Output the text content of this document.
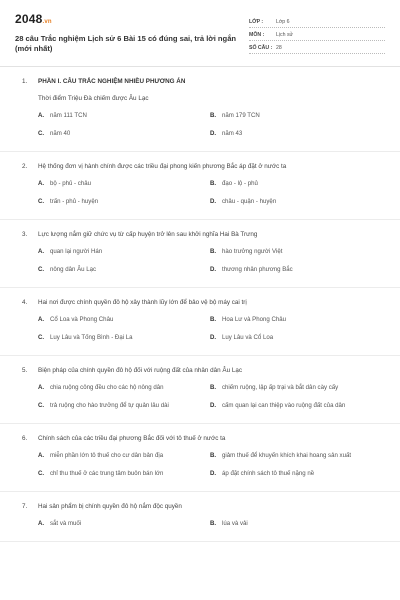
2048.vn
28 câu Trắc nghiệm Lịch sử 6 Bài 15 có đúng sai, trả lời ngắn (mới nhất)
LỚP :	Lớp 6
MÔN :	Lịch sử
SỐ CÂU : 28
1.	PHẦN I. CÂU TRẮC NGHIỆM NHIỀU PHƯƠNG ÁN
Thời điểm Triệu Đà chiếm được Âu Lạc
A. năm 111 TCN	B. năm 179 TCN
C. năm 40	D. năm 43
2.	Hệ thống đơn vị hành chính được các triều đại phong kiến phương Bắc áp đặt ở nước ta
A. bộ - phủ - châu	B. đạo - lộ - phủ
C. trấn - phủ - huyện	D. châu - quận - huyện
3.	Lực lượng nắm giữ chức vụ từ cấp huyện trở lên sau khởi nghĩa Hai Bà Trưng
A. quan lại người Hán	B. hào trưởng người Việt
C. nông dân Âu Lạc	D. thương nhân phương Bắc
4.	Hai nơi được chính quyền đô hộ xây thành lũy lớn để bảo vệ bộ máy cai trị
A. Cổ Loa và Phong Châu	B. Hoa Lư và Phong Châu
C. Luy Lâu và Tống Bình - Đại La	D. Luy Lâu và Cổ Loa
5.	Biện pháp của chính quyền đô hộ đối với ruộng đất của nhân dân Âu Lạc
A. chia ruộng công đều cho các hộ nông dân	B. chiếm ruộng, lập ấp trại và bắt dân cày cấy
C. trả ruộng cho hào trưởng để tự quản lâu dài	D. cấm quan lại can thiệp vào ruộng đất của dân
6.	Chính sách của các triều đại phương Bắc đối với tô thuế ở nước ta
A. miễn phần lớn tô thuế cho cư dân bản địa	B. giảm thuế để khuyến khích khai hoang sản xuất
C. chỉ thu thuế ở các trung tâm buôn bán lớn	D. áp đặt chính sách tô thuế nặng nề
7.	Hai sản phẩm bị chính quyền đô hộ nắm độc quyền
A. sắt và muối	B. lúa và vải
